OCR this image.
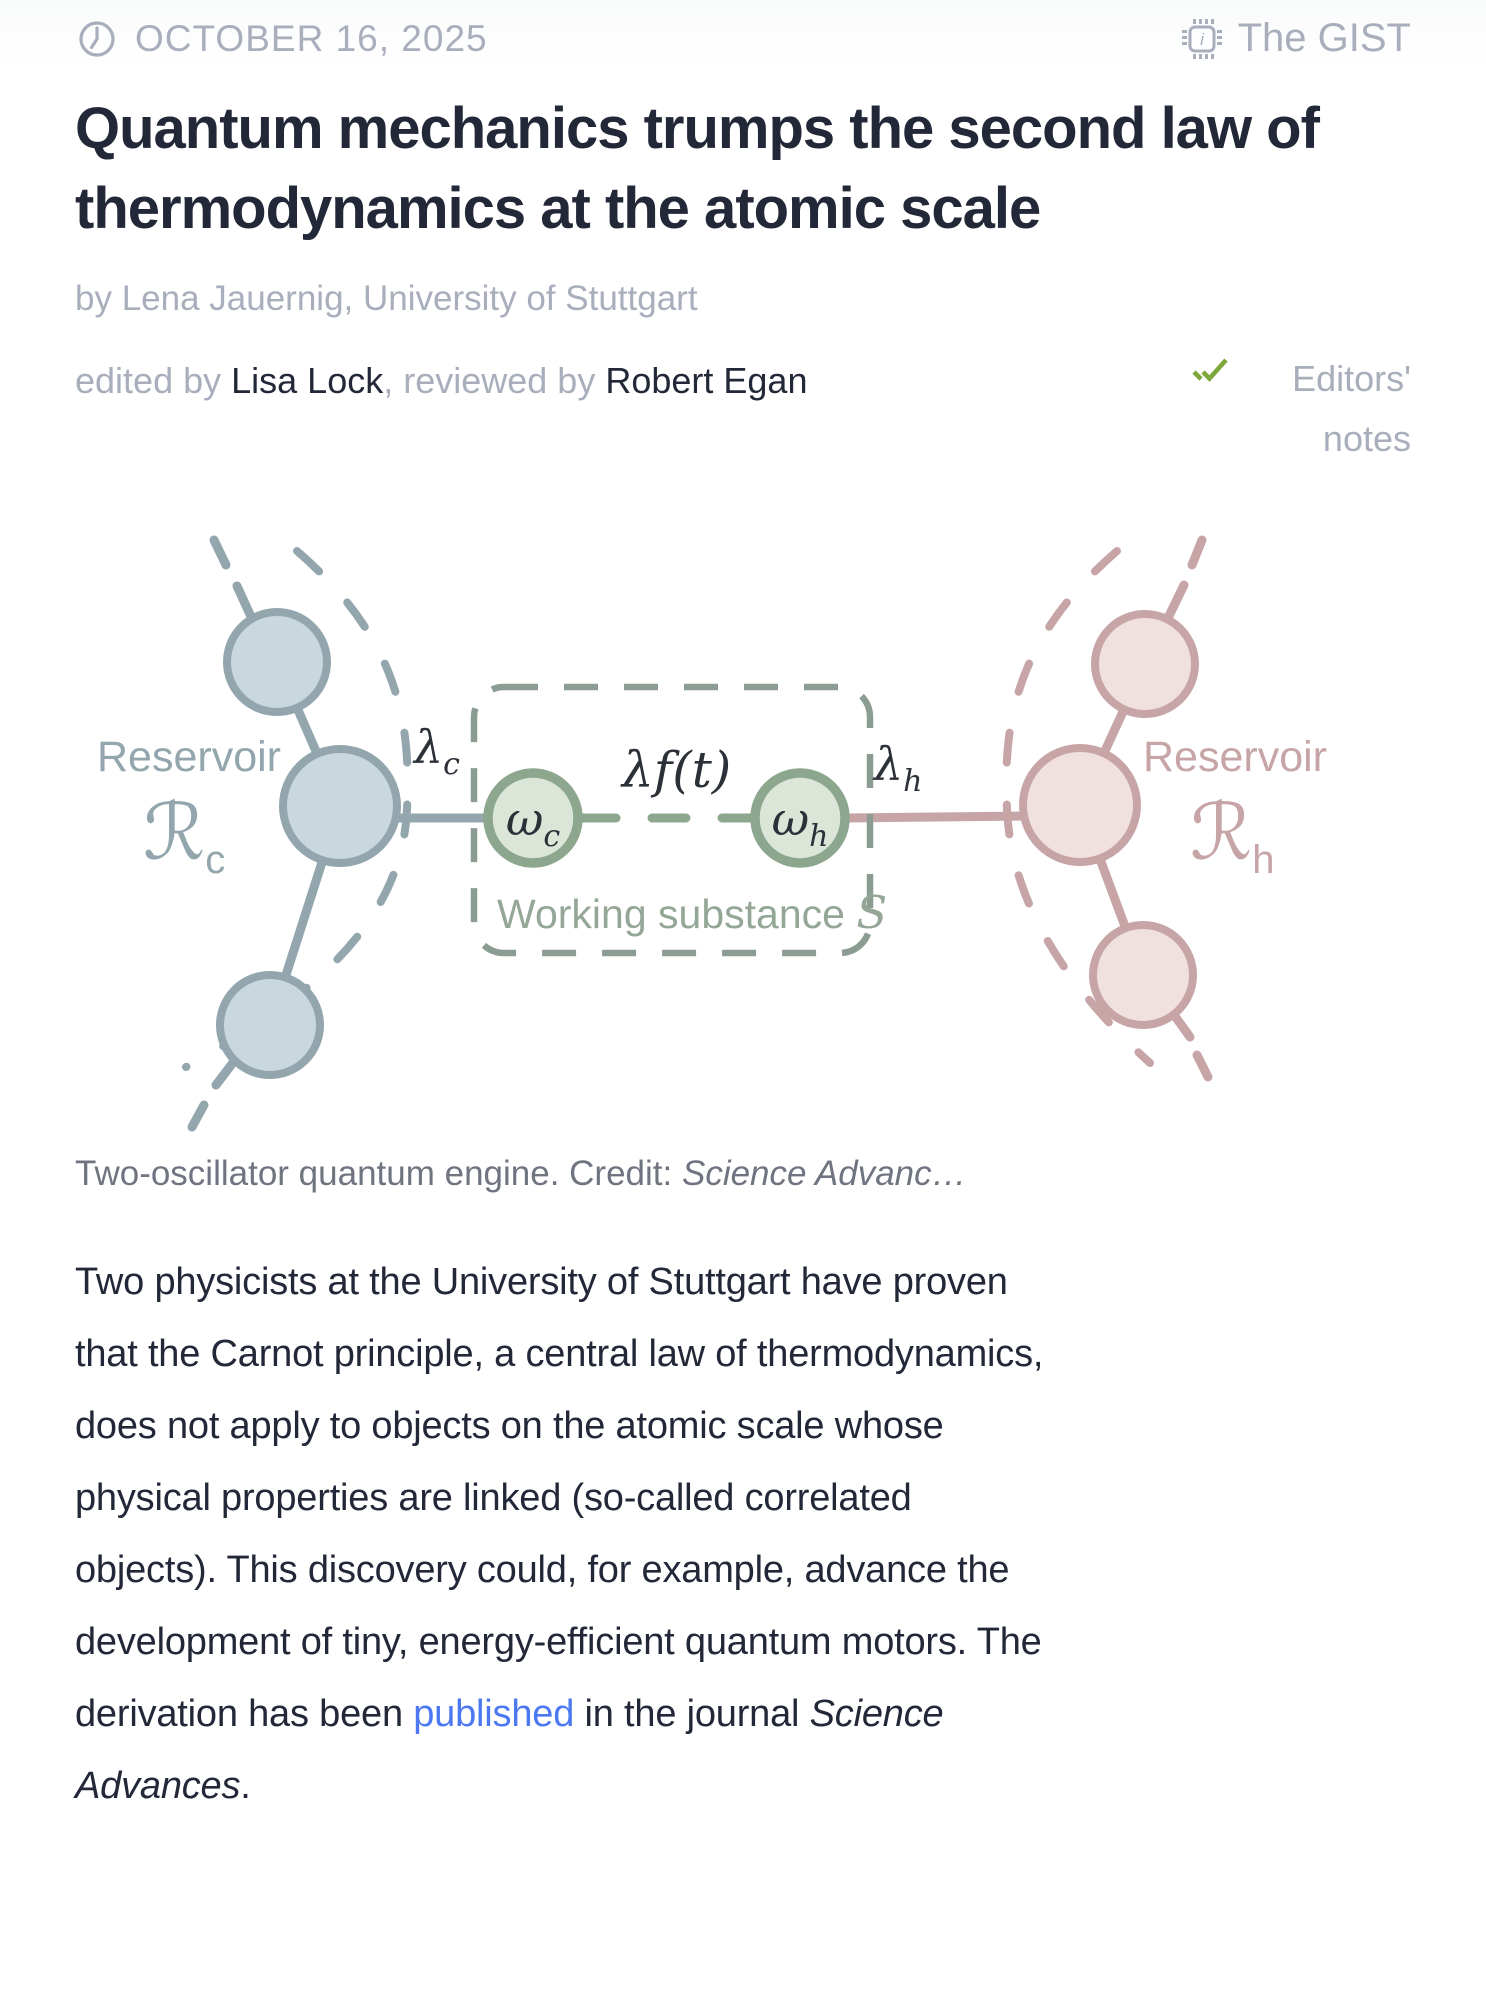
OCTOBER 16, 2025	i The GIST
Quantum mechanics trumps the second law of thermodynamics at the atomic scale
by Lena Jauernig, University of Stuttgart
edited by Lisa Lock, reviewed by Robert Egan	Editors' notes
Reservoir
ℛc
Reservoir
ℛh
$\omega_c$	$\omega_h$
$\lambda_c$	$\lambda_h$
λf(t)
Working substance S
Two-oscillator quantum engine. Credit: Science Advanc…
Two physicists at the University of Stuttgart have proven
that the Carnot principle, a central law of thermodynamics,
does not apply to objects on the atomic scale whose
physical properties are linked (so-called correlated
objects). This discovery could, for example, advance the
development of tiny, energy-efficient quantum motors. The
derivation has been published in the journal Science
Advances.
